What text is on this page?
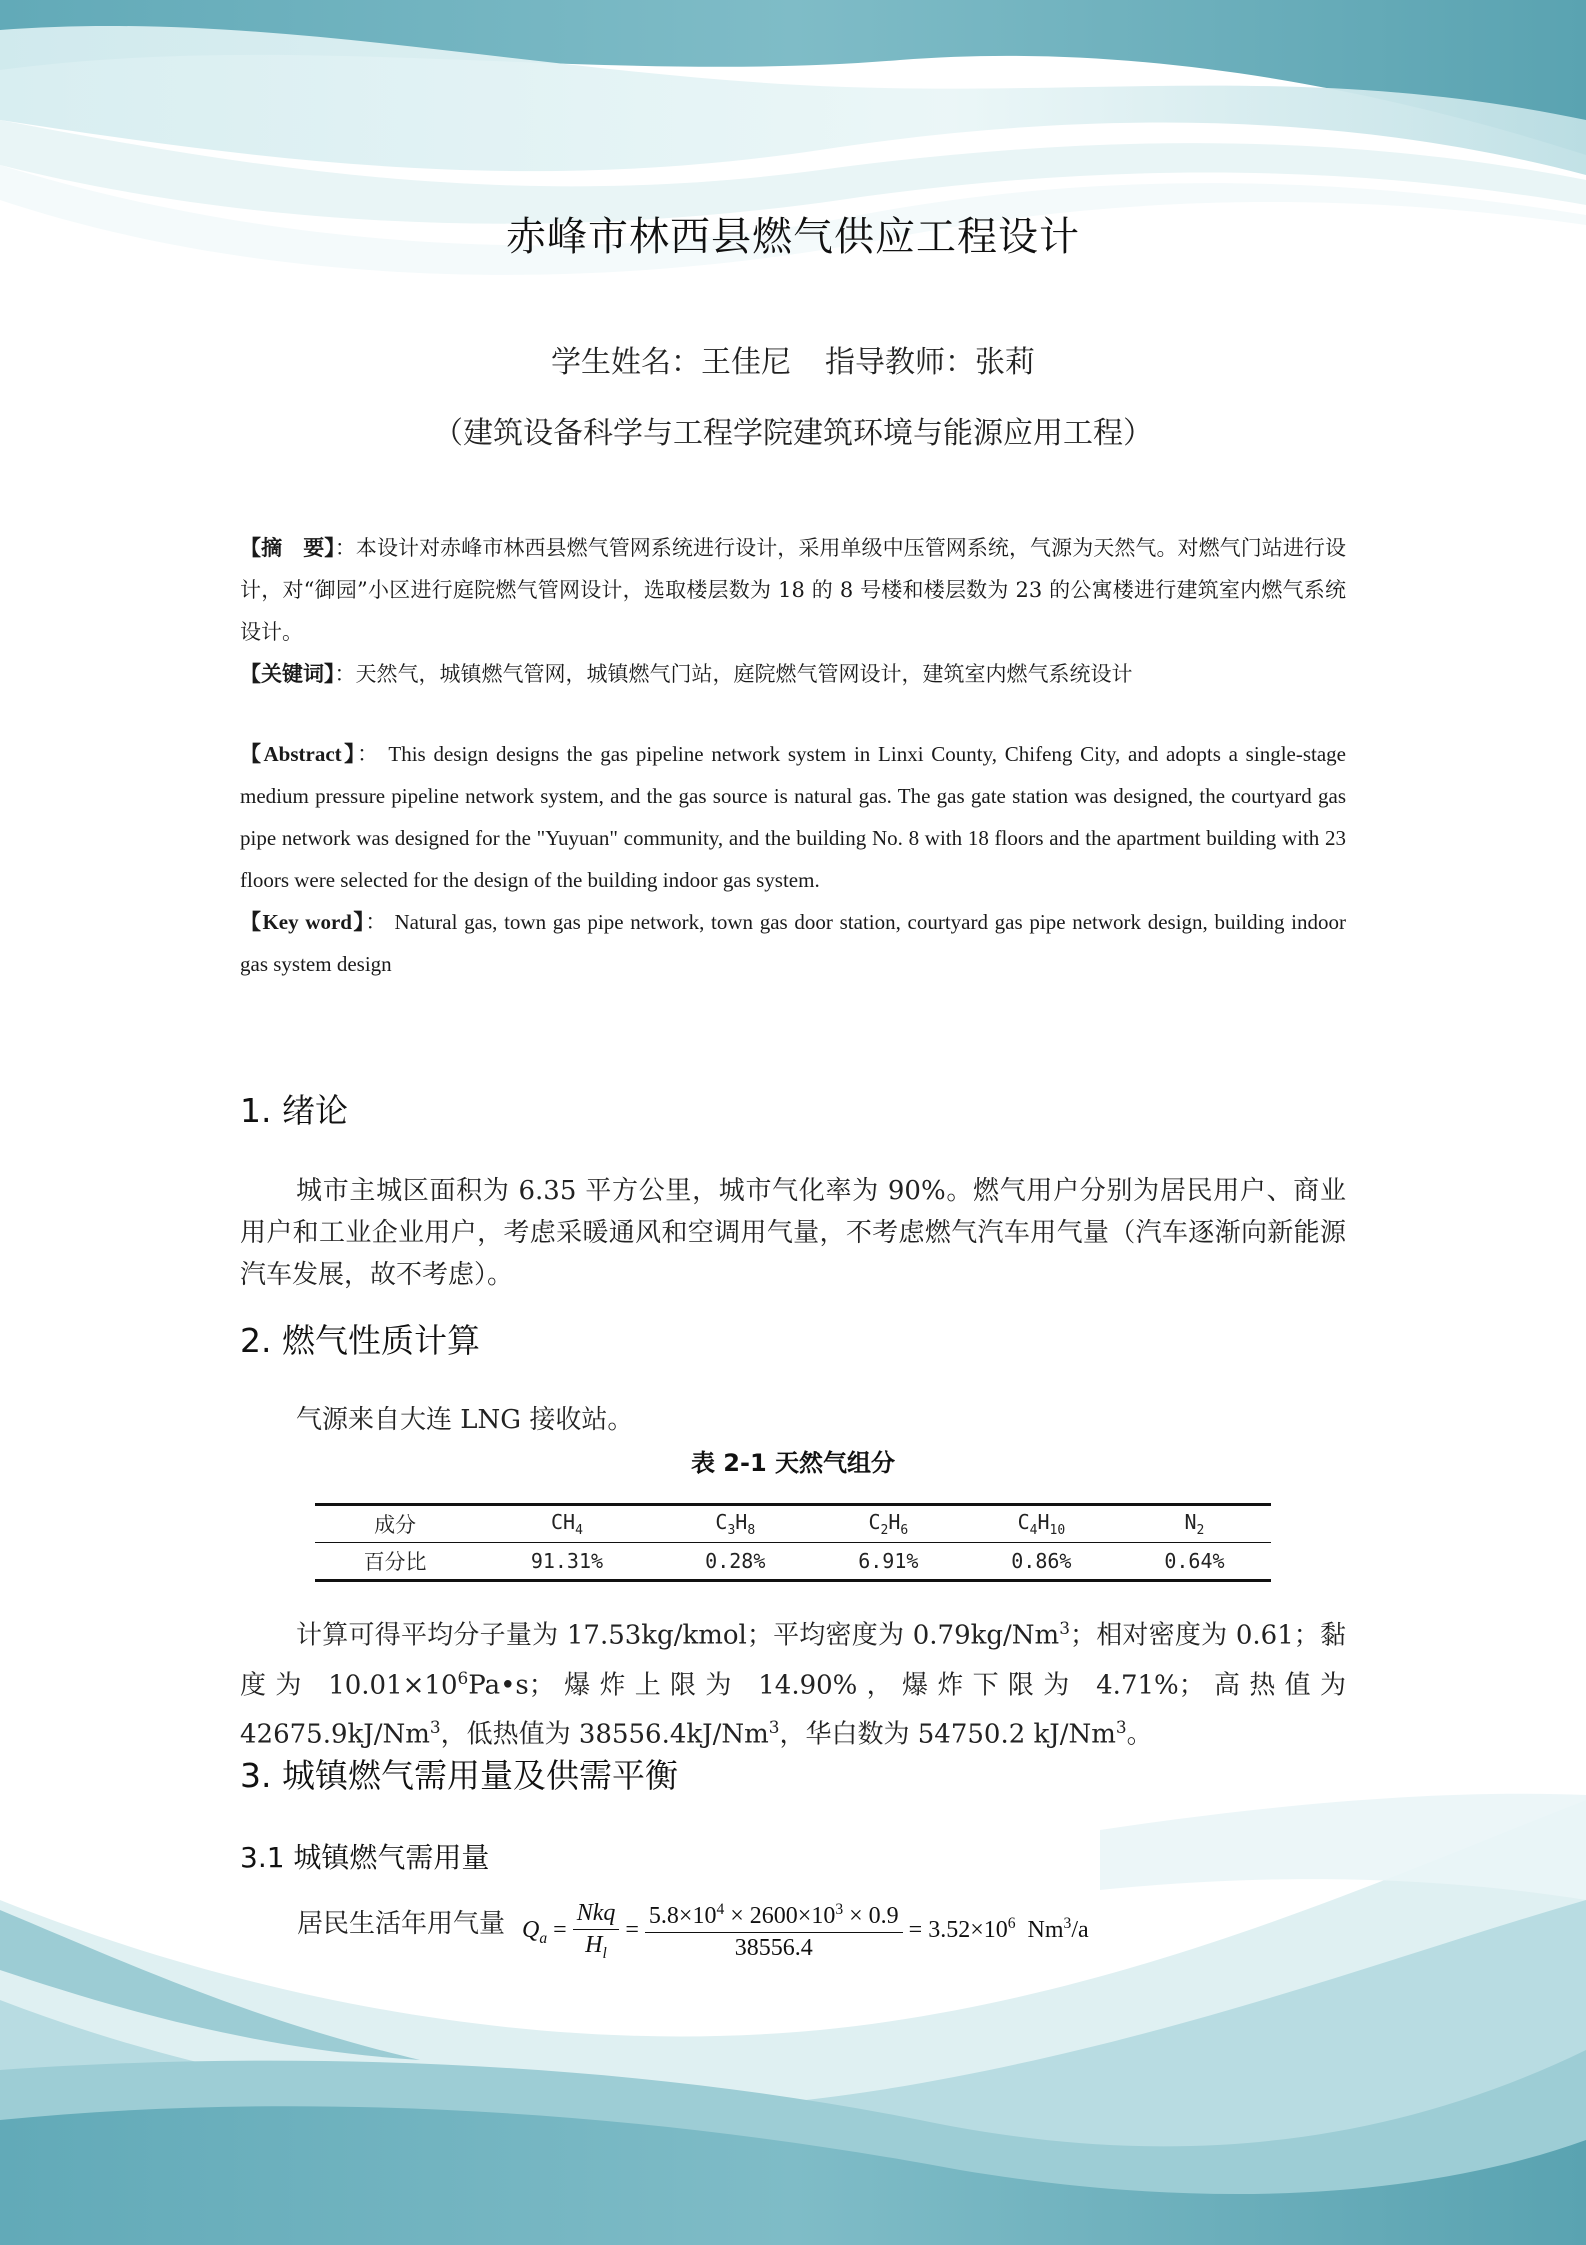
赤峰市林西县燃气供应工程设计
学生姓名：王佳尼 指导教师：张莉
（建筑设备科学与工程学院建筑环境与能源应用工程）

【摘　要】：本设计对赤峰市林西县燃气管网系统进行设计，采用单级中压管网系统，气源为天然气。对燃气门站进行设计，对“御园”小区进行庭院燃气管网设计，选取楼层数为 18 的 8 号楼和楼层数为 23 的公寓楼进行建筑室内燃气系统设计。

【关键词】：天然气，城镇燃气管网，城镇燃气门站，庭院燃气管网设计，建筑室内燃气系统设计

【Abstract】： This design designs the gas pipeline network system in Linxi County, Chifeng City, and adopts a single-stage medium pressure pipeline network system, and the gas source is natural gas. The gas gate station was designed, the courtyard gas pipe network was designed for the "Yuyuan" community, and the building No. 8 with 18 floors and the apartment building with 23 floors were selected for the design of the building indoor gas system.

【Key word】： Natural gas, town gas pipe network, town gas door station, courtyard gas pipe network design, building indoor gas system design

1. 绪论

城市主城区面积为 6.35 平方公里，城市气化率为 90%。燃气用户分别为居民用户、商业用户和工业企业用户，考虑采暖通风和空调用气量，不考虑燃气汽车用气量（汽车逐渐向新能源汽车发展，故不考虑）。

2. 燃气性质计算

气源来自大连 LNG 接收站。

表 2-1 天然气组分
成分	$CH_4$	$C_3H_8$	$C_2H_6$	$C_4H_{10}$	$N_2$
百分比	91.31%	0.28%	6.91%	0.86%	0.64%

计算可得平均分子量为 17.53kg/kmol；平均密度为 0.79kg/Nm$^3$；相对密度为 0.61；黏度为 $10.01\times 10^6Pa•s$；爆炸上限为 14.90%，爆炸下限为 4.71%；高热值为 42675.9kJ/Nm$^3$，低热值为 38556.4kJ/Nm$^3$，华白数为 54750.2 kJ/Nm$^3$。

3. 城镇燃气需用量及供需平衡
3.1 城镇燃气需用量
居民生活年用气量 $Q_a = \frac{\text{Nkq}}{H_l} = \frac{5.8\times 10^4 \times 2600\times 10^3 \times 0.9}{38556.4} = 3.52\times 10^6$ Nm$^3$/a
